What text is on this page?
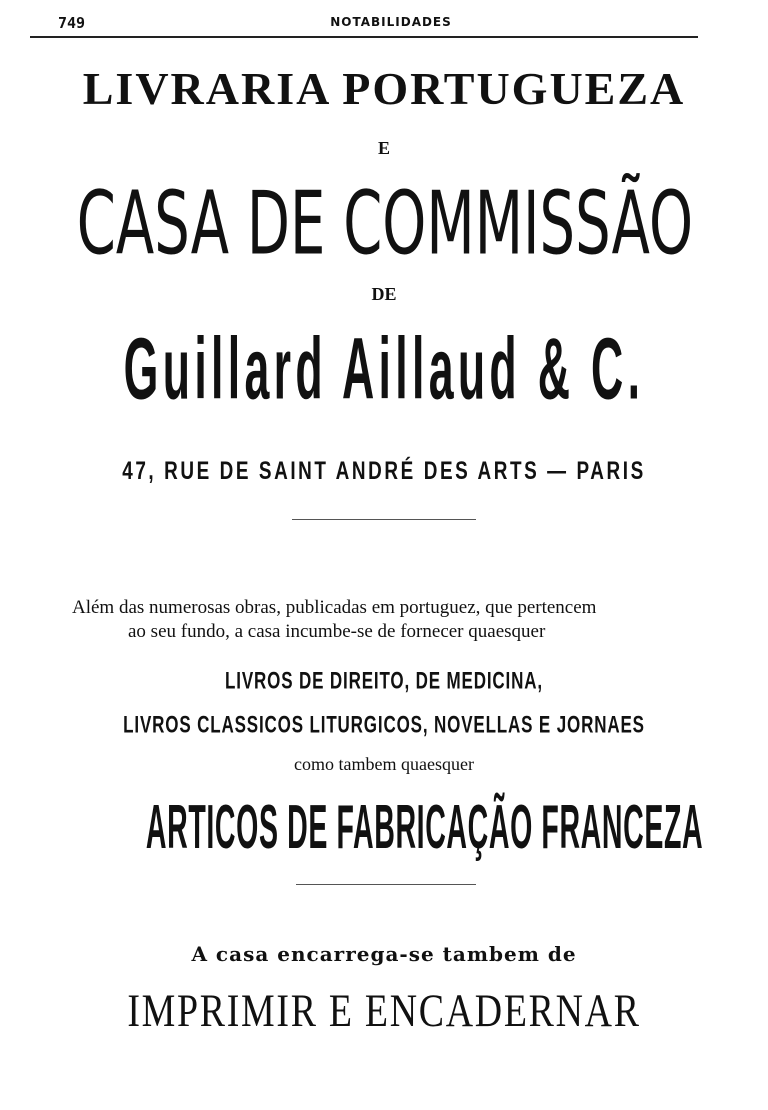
749	NOTABILIDADES
LIVRARIA PORTUGUEZA
E
CASA DE COMMISSÃO
DE
Guillard Aillaud & C.
47, RUE DE SAINT ANDRÉ DES ARTS — PARIS
Além das numerosas obras, publicadas em portuguez, que pertencem
ao seu fundo, a casa incumbe-se de fornecer quaesquer
LIVROS DE DIREITO, DE MEDICINA,
LIVROS CLASSICOS LITURGICOS, NOVELLAS E JORNAES
como tambem quaesquer
ARTICOS DE FABRICAÇÃO FRANCEZA
A casa encarrega-se tambem de
IMPRIMIR E ENCADERNAR
